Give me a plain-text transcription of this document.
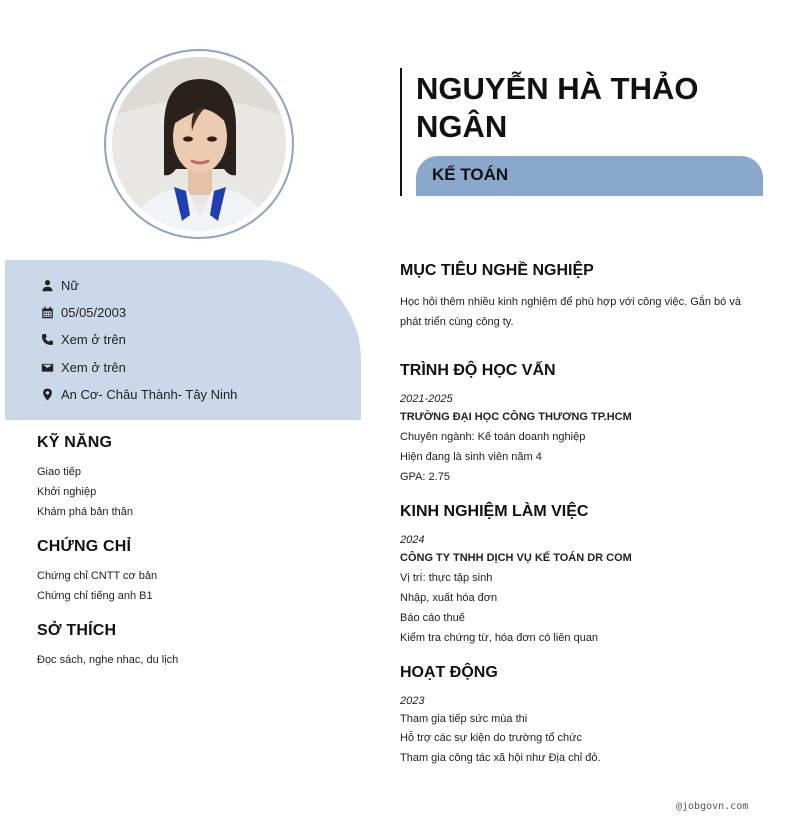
Nữ
05/05/2003
Xem ở trên
Xem ở trên
An Cơ- Châu Thành- Tây Ninh
KỸ NĂNG
Giao tiếp
Khởi nghiệp
Khám phá bản thân
CHỨNG CHỈ
Chứng chỉ CNTT cơ bản
Chứng chỉ tiếng anh B1
SỞ THÍCH
Đọc sách, nghe nhac, du lịch
NGUYỄN HÀ THẢO NGÂN
KẾ TOÁN
MỤC TIÊU NGHỀ NGHIỆP
Học hỏi thêm nhiều kinh nghiệm để phù hợp với công việc. Gắn bó và phát triển cùng công ty.
TRÌNH ĐỘ HỌC VẤN
2021-2025
TRƯỜNG ĐẠI HỌC CÔNG THƯƠNG TP.HCM
Chuyên ngành: Kế toán doanh nghiệp
Hiện đang là sinh viên năm 4
GPA: 2.75
KINH NGHIỆM LÀM VIỆC
2024
CÔNG TY TNHH DỊCH VỤ KẾ TOÁN DR COM
Vị trí: thực tập sinh
Nhập, xuất hóa đơn
Báo cáo thuế
Kiểm tra chứng từ, hóa đơn có liên quan
HOẠT ĐỘNG
2023
Tham gia tiếp sức mùa thi
Hỗ trợ các sự kiện do trường tổ chức
Tham gia công tác xã hội như Địa chỉ đỏ.
@jobgovn.com
